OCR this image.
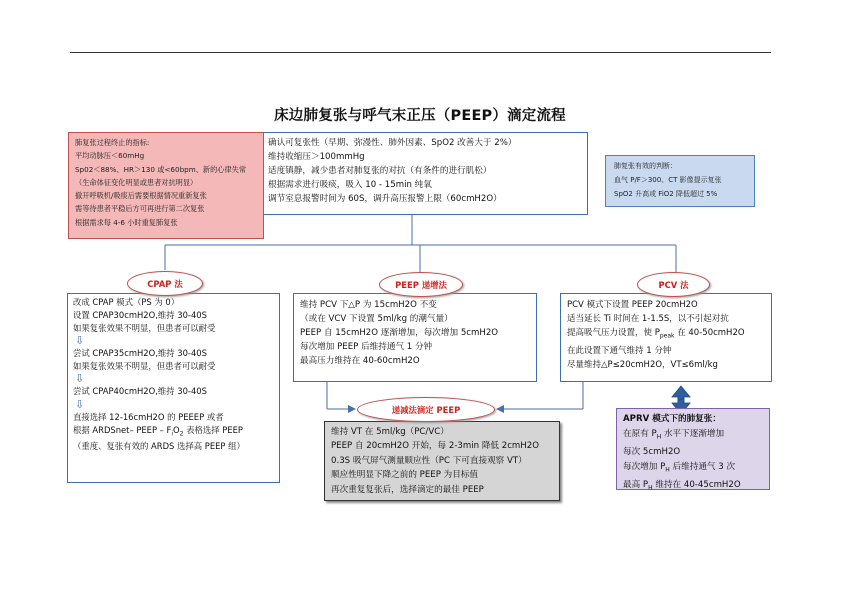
床边肺复张与呼气末正压（PEEP）滴定流程
确认可复张性（早期、弥漫性、肺外因素、SpO2 改善大于 2%）
维持收缩压＞100mmHg
适度镇静，减少患者对肺复张的对抗（有条件的进行肌松）
根据需求进行吸痰，吸入 10 - 15min 纯氧
调节室息报警时间为 60S，调升高压报警上限（60cmH2O）
肺复张过程终止的指标:
平均动脉压＜60mHg
Sp02＜88%、HR＞130 或<60bpm、新的心律失常
（生命体征变化明显或患者对抗明显）
撤开呼吸机/吸痰后需要根据情况重新复张
需等待患者平稳后方可再进行第二次复张
根据需求每 4-6 小时重复肺复张
肺复张有效的判断：
血气 P/F＞300、CT 影像提示复张
SpO2 升高或 FiO2 降低超过 5%
改成 CPAP 模式（PS 为 0）
设置 CPAP30cmH2O,维持 30-40S
如果复张效果不明显，但患者可以耐受
⇩
尝试 CPAP35cmH2O,维持 30-40S
如果复张效果不明显，但患者可以耐受
⇩
尝试 CPAP40cmH2O,维持 30-40S
⇩
直接选择 12-16cmH2O 的 PEEEP 或者
根据 ARDSnet– PEEP – $F_iO_2$ 表格选择 PEEP
（重度、复张有效的 ARDS 选择高 PEEP 组）
CPAP 法
维持 PCV 下△P 为 15cmH2O 不变
（或在 VCV 下设置 5ml/kg 的潮气量）
PEEP 自 15cmH2O 逐渐增加，每次增加 5cmH2O
每次增加 PEEP 后维持通气 1 分钟
最高压力维持在 40-60cmH2O
PEEP 递增法
PCV 模式下设置 PEEP 20cmH2O
适当延长 Ti 时间在 1-1.5S，以不引起对抗
提高吸气压力设置，使 $P_{peak}$ 在 40-50cmH2O
在此设置下通气维持 1 分钟
尽量维持△P≤20cmH2O，VT≤6ml/kg
PCV 法
维持 VT 在 5ml/kg（PC/VC）
PEEP 自 20cmH2O 开始，每 2-3min 降低 2cmH2O
0.3S 吸气屏气测量顺应性（PC 下可直接观察 VT）
顺应性明显下降之前的 PEEP 为目标值
再次重复复张后，选择滴定的最佳 PEEP
递减法滴定 PEEP
APRV 模式下的肺复张：
在原有 $P_H$ 水平下逐渐增加
每次 5cmH2O
每次增加 $P_H$ 后维持通气 3 次
最高 $P_H$ 维持在 40-45cmH2O
